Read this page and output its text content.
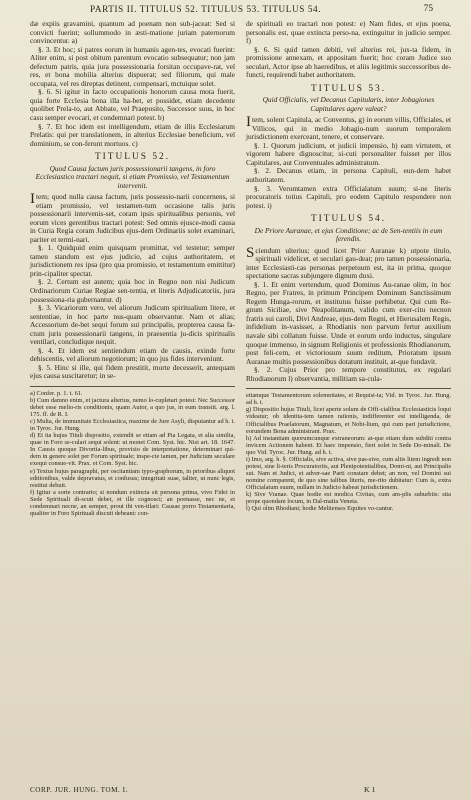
PARTIS II. TITULUS 52. TITULUS 53. TITULUS 54.	75

dæ expiis gravamini, quantum ad poenam non sub-jaceat: Sed si convicti fuerint; sollummodo in æsti-matione juriam paternorum convincentur. a)

§. 3. Et hoc; si patres eorum in humanis agen-tes, evocati fuerint: Aliter enim, si post obitum parentum evocatio subsequatur; non jam defectum patris, quia jura possessionaria forsitan occupave-rat, vel res, et bona mobilia alterius dispuerat; sed filiorum, qui male occupata, vel res direptas detinent, compensari, mctuique solet.

§. 6. Si igitur in facto occupationis honorum causa mota fuerit, quia forte Ecclesia bona illa ha-bet, et possidet, etiam decedente quolibet Prela-to, aut Abbate, vel Praeposito, Successor suus, in hoc casu semper evocari, et condemnari potest. b)

§. 7. Et hoc idem est intelligendum, etiam de illis Ecclesiarum Prelatis: qui per translationem, in alterius Ecclesiae beneficium, vel dominium, se con-ferunt mortuos. c)

TITULUS 52.
Quod Causa factum juris possessionarii tangens, in foro Ecclesiastico tractari nequit, si etiam Promissio, vel Testamentum intervenit.

Item; quod nulla causa factum, juris possessio-narii concernens, si etiam promissio, vel testamen-tum occasione talis juris possessionarii intervenis-set, coram ipsis spiritualibus personis, vel eorum vices gerentibus tractari potest: Sed omnis ejusce-modi causa in Curia Regia coram Judicibus ejus-dem Ordinariis solet examinari, pariter et termi-nari.

§. 1. Quidquid enim quisquam promittat, vel testetur; semper tamen standum est ejus judicio, ad cujus authoritatem, et jurisdictionem res ipsa (pro qua promissio, et testamentum emittitur) prin-cipaliter spectat.

§. 2. Certum est autem; quia hoc in Regno non nisi Judicum Ordinariorum Curiae Regiae sen-tentia, et literis Adjudicatoriis, jura possessiona-ria gubernantur. d)

§. 3. Vicariorum vero, vel aliorum Judicum spiritualium litere, et sententiae, in hoc parte nus-quam observantur. Nam et alias; Accessorium de-bet sequi forum sui principalis, propterea causa fa-ctum juris possessionarii tangens, in praesentia ju-dicis spiritualis ventilari, concludique nequit.

§. 4. Et idem est sentiendum etiam de causis, exinde forte dehiscentis, vel aliorum negotiorum; in quo jus fides interveniunt.

§. 5. Hinc si ille, qui fidem prestitit, morte decesserit, antequam ejus causa suscitaretur; in se-

a) Confer. p. 1. t. 61.

b) Cum damno enim, et jactura alterius, nemo lo-cupletari potest: Nec Successor debet esse melio-ris conditionis, quam Autor, a quo jus, in eum transiit. arg. l. 175. ff. de R. I.

c) Multa, de immunitate Ecclesiastica, maxime de Jure Asyli, disputantur ad h. t. in Tyroc. Jur. Hung.

d) Et ita hujus Tituli dispositio, extendit se etiam ad Pia Legata, et alia similia, quae in Foro se-culari sequi solent: ut monet Com. Syst. hic. Nisi art. 18. 1647. In Causis quoque Divortia-libus, provisio de interpretatione, determinari qui-dem in genere solet per Forum spirituale; inspe-cie tamen, per Judicium seculare exequi consue-vit. Prax. et Com. Syst. hic.

e) Textus hujus paragraphi, per oscitantiam typo-graphorum, in prioribus aliquot editionibus, valde depravatus, et confusus; integritati suae, taliter, ut nunc legis, restitui debuit.

f) Igitur a sorte contrario; si nondum extincta sit persona prima, vivo Fidei in Sede Spirituali di-scuti debet, et ille cognosci; an poenasse, nec ne, et condemnari necne, an semper, prout ibi ven-tilari: Causae porro Testamentaria, qualiter in Foro Spirituali discuti debeant: con-

de spirituali eo tractari non potest: e) Nam fides, et ejus poena, personalis est, quae extincta perso-na, extinguitur in judicio semper. f)

§. 6. Si quid tamen debiti, vel alterius rei, jux-ta fidem, in promissione annexam, et appositam fuerit; hoc coram Judice suo seculari, Actor ipse ab haeredibus, et aliis legitimis successoribus de-functi, requirendi habet authoritatem.

TITULUS 53.
Quid Officialis, vel Decanus Capitularis, inter Jobagiones Capitulares agere valeat?

Item, solent Capitula, ac Conventus, g) in eorum villis, Officiales, et Villicos, qui in medio Jobagio-num suorum temporalem jurisdictionem exerceant, tenere, et conservare.

§. 1. Quorum judicium, et judicii impensio, h) eam virtutem, et vigorem habere dignoscitur, si-cuti personaliter fuisset per illos Capitulares, aut Conventuales administratum.

§. 2. Decanus etiam, in persona Capituli, eun-dem habet authoritatem.

§. 3. Verumtamen extra Officialatum suum; si-ne literis procuratoris totius Capituli, pro eodem Capitulo respondere non potest. i)

TITULUS 54.
De Priore Auranae, et ejus Conditione; ac de Sen-tentiis in eum ferendis.

Sciendum ulterius; quod licet Prior Auranae k) utpote titulo, spirituali videlicet, et seculari gau-deat; pro tamen possessionaria, inter Ecclesiasti-cas personas perpetuum est, ita in prima, quoque spectatione sacras subjungere dignum duxi.

§. 1. Et enim vertendum, quod Dominus Au-ranae olim, in hoc Regno, per Fratres, in primum Principem Dominum Sanctissimum Regem Hunga-rorum, et institutus fuisse perhibetur. Qui cum Re-gnum Siciliae, sive Neapolitanum, valido cum exer-citu necnon fratris sui caroli, Divi Andreae, ejus-dem Regni, et Hierusalem Regis, infidelium in-vasisset, a Rhodianis non parvum fertur auxilium navale sibi collatum fuisse. Unde et eorum ordo inductus, singulare quoque immenso, in signum Religionis et professionis Rhodianorum, post feli-cem, et victoriosum suum reditum, Prioratum ipsum Auranae multis possessionibus dotatum instituit, at-que fundavit.

§. 2. Cujus Prior pro tempore constitutus, ex regulari Rhodianorum l) observantia, militiam sa-cula-

etiamque Testamentorum solemnitates, et Requisi-ta; Vid. in Tyroc. Jur. Hung. ad h. t.

g) Dispositio hujus Tituli, licet aperte solum de Offi-cialibus Ecclesiasticis loqui videatur; ob identita-tem tamen rationis, indifferenter est intelligenda, de Officialibus Praelatorum, Magnatum, et Nobi-lium, qui cum pari jurisdictione, eorundem Bona administrant. Prax.

h) Ad instantiam quorumcunque extraneorum: at-que etiam dum subditi contra invicem Actionem habent. Et haec impensio, fieri solet in Sede Do-minali. De quo Vid. Tyroc. Jur. Hung. ad h. t.

i) Imo, arg. h. §. Officialis, sive activa, sive pas-sive, cum aliis litem ingredi non potest, sine li-teris Procuratoriis, aut Plenipotentialibus, Domi-ni, aut Principalis sui. Nam et Judici, et adver-sae Parti constare debet; an non, vel Domini sui nomine comparent, de quo sine talibus literis, me-rito dubitatur: Cum is, extra Officialatum suum, nullam in Judicio habeat jurisdictionem.

k) Sive Vranae. Quae hodie est modica Civitas, cum am-plis suburbiis: sita prope quondam locum, in Dal-matia Veneta.

l) Qui olim Rhodiani; hodie Melitenses Equites vo-cantur.

CORP. JUR. HUNG. TOM. I.	K 1
